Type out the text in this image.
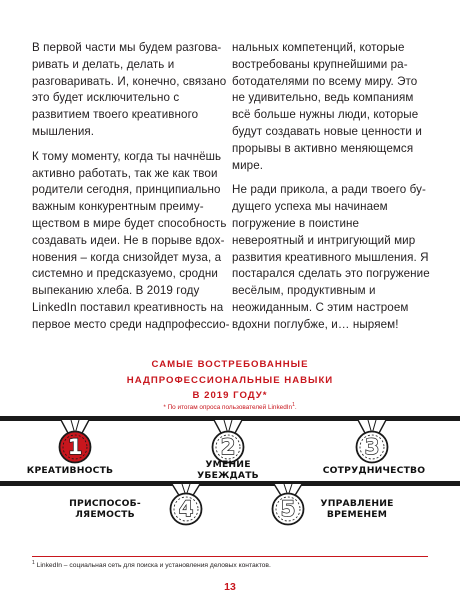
В первой части мы будем разговаривать и делать, делать и разговаривать. И, конечно, связано это будет исключительно с развитием твоего креативного мышления.

К тому моменту, когда ты начнёшь активно работать, так же как твои родители сегодня, принципиально важным конкурентным преимуществом в мире будет способность создавать идеи. Не в порыве вдохновения – когда снизойдет муза, а системно и предсказуемо, сродни выпеканию хлеба. В 2019 году LinkedIn поставил креативность на первое место среди надпрофессио-

нальных компетенций, которые востребованы крупнейшими работодателями по всему миру. Это не удивительно, ведь компаниям всё больше нужны люди, которые будут создавать новые ценности и прорывы в активно меняющемся мире.

Не ради прикола, а ради твоего будущего успеха мы начинаем погружение в поистине невероятный и интригующий мир развития креативного мышления. Я постарался сделать это погружение весёлым, продуктивным и неожиданным. С этим настроем вдохни поглубже, и… ныряем!

САМЫЕ ВОСТРЕБОВАННЫЕ
НАДПРОФЕССИОНАЛЬНЫЕ НАВЫКИ
В 2019 ГОДУ*
* По итогам опроса пользователей LinkedIn$^1$.
1	2	3
4	5
КРЕАТИВНОСТЬ
УМЕНИЕ
УБЕЖДАТЬ	СОТРУДНИЧЕСТВО
ПРИСПОСОБ-
ЛЯЕМОСТЬ
УПРАВЛЕНИЕ
ВРЕМЕНЕМ
$^1$ LinkedIn – социальная сеть для поиска и установления деловых контактов.
13
